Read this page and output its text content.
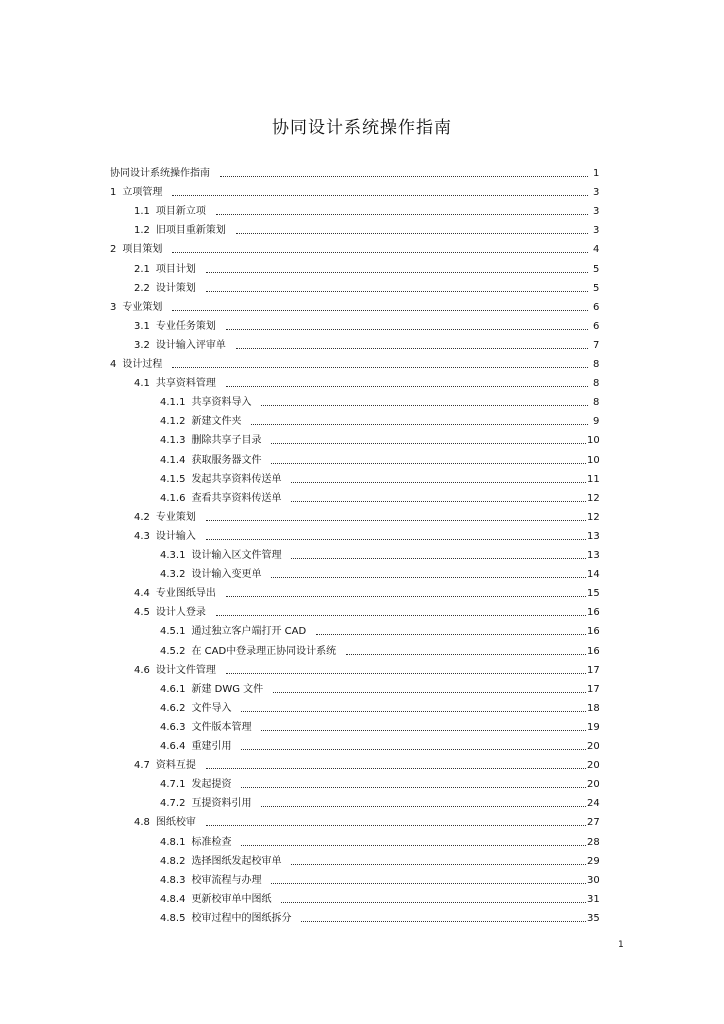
协同设计系统操作指南
协同设计系统操作指南	1
1 立项管理	3
1.1 项目新立项	3
1.2 旧项目重新策划	3
2 项目策划	4
2.1 项目计划	5
2.2 设计策划	5
3 专业策划	6
3.1 专业任务策划	6
3.2 设计输入评审单	7
4 设计过程	8
4.1 共享资料管理	8
4.1.1 共享资料导入	8
4.1.2 新建文件夹	9
4.1.3 删除共享子目录	10
4.1.4 获取服务器文件	10
4.1.5 发起共享资料传送单	11
4.1.6 查看共享资料传送单	12
4.2 专业策划	12
4.3 设计输入	13
4.3.1 设计输入区文件管理	13
4.3.2 设计输入变更单	14
4.4 专业图纸导出	15
4.5 设计人登录	16
4.5.1 通过独立客户端打开 CAD	16
4.5.2 在 CAD中登录理正协同设计系统	16
4.6 设计文件管理	17
4.6.1 新建 DWG 文件	17
4.6.2 文件导入	18
4.6.3 文件版本管理	19
4.6.4 重建引用	20
4.7 资料互提	20
4.7.1 发起提资	20
4.7.2 互提资料引用	24
4.8 图纸校审	27
4.8.1 标准检查	28
4.8.2 选择图纸发起校审单	29
4.8.3 校审流程与办理	30
4.8.4 更新校审单中图纸	31
4.8.5 校审过程中的图纸拆分	35
1
